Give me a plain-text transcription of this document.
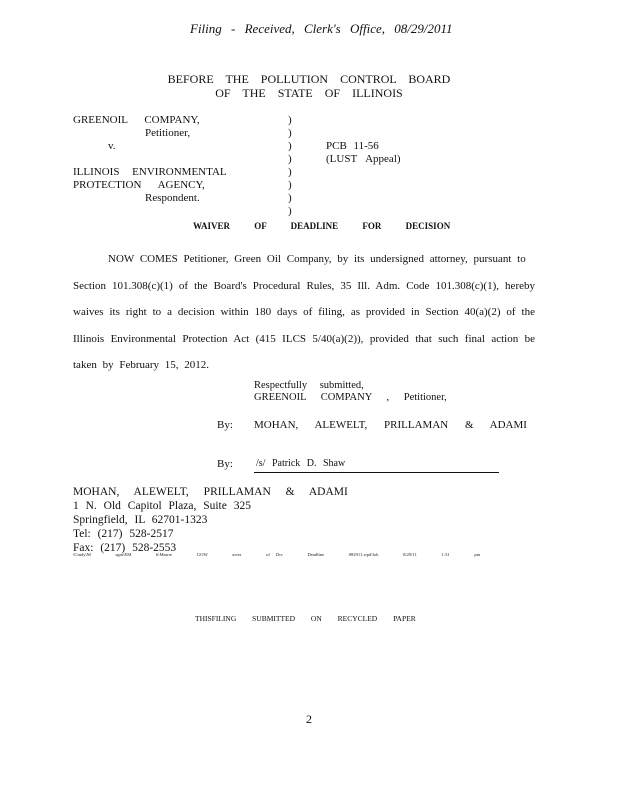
Filing - Received, Clerk's Office, 08/29/2011
BEFORE THE POLLUTION CONTROL BOARD
OF THE STATE OF ILLINOIS
GREENOIL COMPANY,
Petitioner,
v.
ILLINOIS ENVIRONMENTAL
PROTECTION AGENCY,
Respondent.
)
)
)
)
)
)
)
)
PCB 11-56
(LUST Appeal)
WAIVER OF DEADLINE FOR DECISION
NOW COMES Petitioner, Green Oil Company, by its undersigned attorney, pursuant to
Section 101.308(c)(1) of the Board's Procedural Rules, 35 Ill. Adm. Code 101.308(c)(1), hereby waives its right to a decision within 180 days of filing, as provided in Section 40(a)(2) of the Illinois Environmental Protection Act (415 ILCS 5/40(a)(2)), provided that such final action be taken by February 15, 2012.
Respectfully submitted,
GREENOIL COMPANY , Petitioner,
By: MOHAN, ALEWELT, PRILLAMAN & ADAMI
By: /s/ Patrick D. Shaw
MOHAN, ALEWELT, PRILLAMAN & ADAMI
1 N. Old Capitol Plaza, Suite 325
Springfield, IL 62701-1323
Tel: (217) 528-2517
Fax: (217) 528-2553
\Cindy\M    sgm\EM    b\Mmrre    GOW    aiver    of Drc    Deadline    082911.wpd\lok    8/29/11    1:31    pm
THISFILING SUBMITTED ON RECYCLED PAPER
2
